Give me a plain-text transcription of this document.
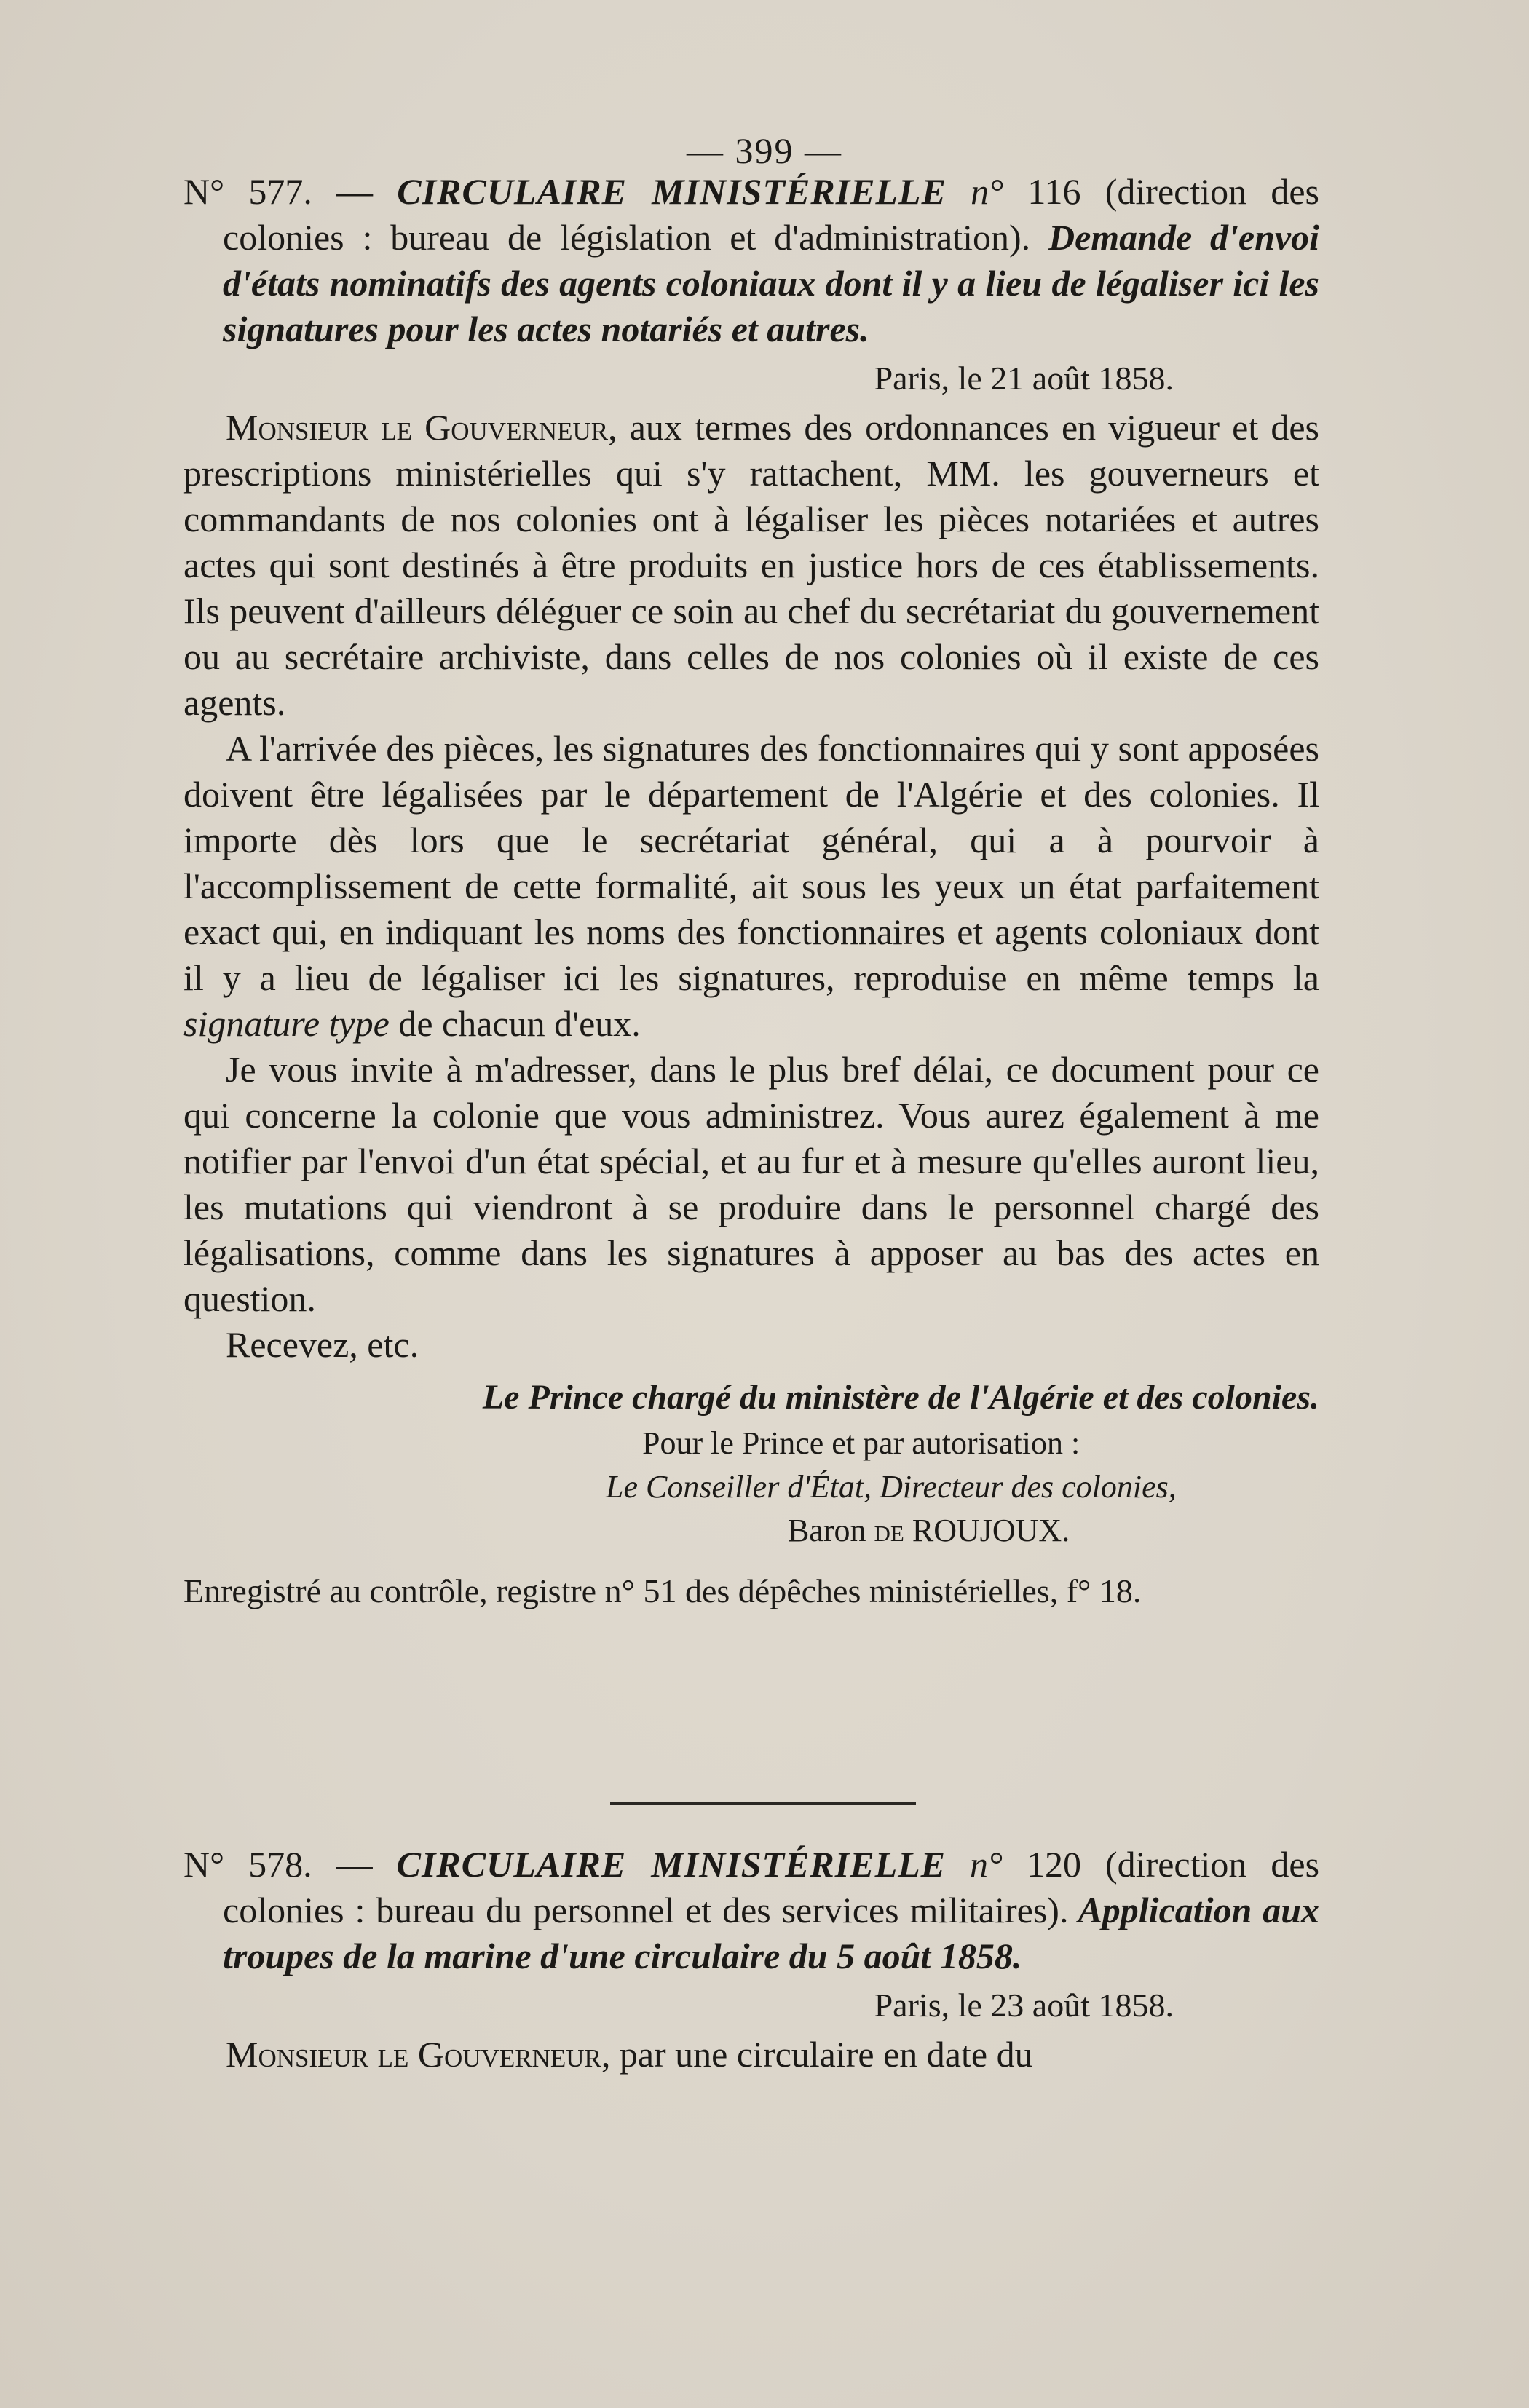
— 399 —

N° 577. — CIRCULAIRE MINISTÉRIELLE n° 116 (direction des colonies : bureau de législation et d'administration). Demande d'envoi d'états nominatifs des agents coloniaux dont il y a lieu de légaliser ici les signatures pour les actes notariés et autres.

Paris, le 21 août 1858.

Monsieur le Gouverneur, aux termes des ordonnances en vigueur et des prescriptions ministérielles qui s'y rattachent, MM. les gouverneurs et commandants de nos colonies ont à légaliser les pièces notariées et autres actes qui sont destinés à être produits en justice hors de ces établissements. Ils peuvent d'ailleurs déléguer ce soin au chef du secrétariat du gouvernement ou au secrétaire archiviste, dans celles de nos colonies où il existe de ces agents.

A l'arrivée des pièces, les signatures des fonctionnaires qui y sont apposées doivent être légalisées par le département de l'Algérie et des colonies. Il importe dès lors que le secrétariat général, qui a à pourvoir à l'accomplissement de cette formalité, ait sous les yeux un état parfaitement exact qui, en indiquant les noms des fonctionnaires et agents coloniaux dont il y a lieu de légaliser ici les signatures, reproduise en même temps la signature type de chacun d'eux.

Je vous invite à m'adresser, dans le plus bref délai, ce document pour ce qui concerne la colonie que vous administrez. Vous aurez également à me notifier par l'envoi d'un état spécial, et au fur et à mesure qu'elles auront lieu, les mutations qui viendront à se produire dans le personnel chargé des légalisations, comme dans les signatures à apposer au bas des actes en question.

Recevez, etc.

Le Prince chargé du ministère de l'Algérie et des colonies.

Pour le Prince et par autorisation :

Le Conseiller d'État, Directeur des colonies,

Baron de ROUJOUX.

Enregistré au contrôle, registre n° 51 des dépêches ministérielles, f° 18.

N° 578. — CIRCULAIRE MINISTÉRIELLE n° 120 (direction des colonies : bureau du personnel et des services militaires). Application aux troupes de la marine d'une circulaire du 5 août 1858.

Paris, le 23 août 1858.

Monsieur le Gouverneur, par une circulaire en date du
